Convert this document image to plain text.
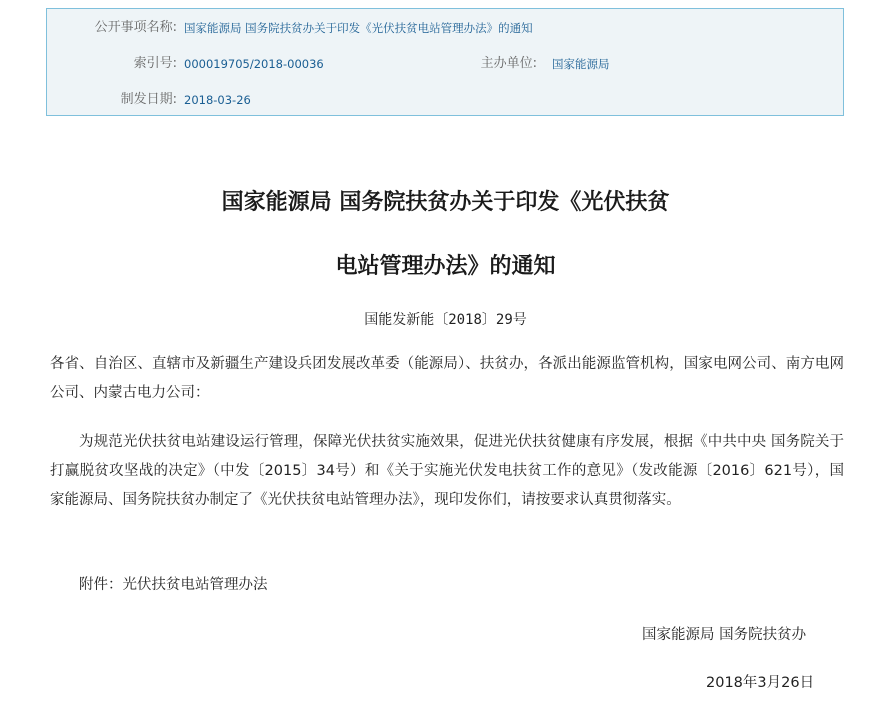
公开事项名称: 国家能源局 国务院扶贫办关于印发《光伏扶贫电站管理办法》的通知
索引号: 000019705/2018-00036	主办单位: 国家能源局
制发日期: 2018-03-26
国家能源局 国务院扶贫办关于印发《光伏扶贫
电站管理办法》的通知
国能发新能〔2018〕29号

各省、自治区、直辖市及新疆生产建设兵团发展改革委（能源局）、扶贫办，各派出能源监管机构，国家电网公司、南方电网公司、内蒙古电力公司：

为规范光伏扶贫电站建设运行管理，保障光伏扶贫实施效果，促进光伏扶贫健康有序发展，根据《中共中央 国务院关于打赢脱贫攻坚战的决定》（中发〔2015〕34号）和《关于实施光伏发电扶贫工作的意见》（发改能源〔2016〕621号），国家能源局、国务院扶贫办制定了《光伏扶贫电站管理办法》，现印发你们，请按要求认真贯彻落实。

附件：光伏扶贫电站管理办法

国家能源局 国务院扶贫办
2018年3月26日
